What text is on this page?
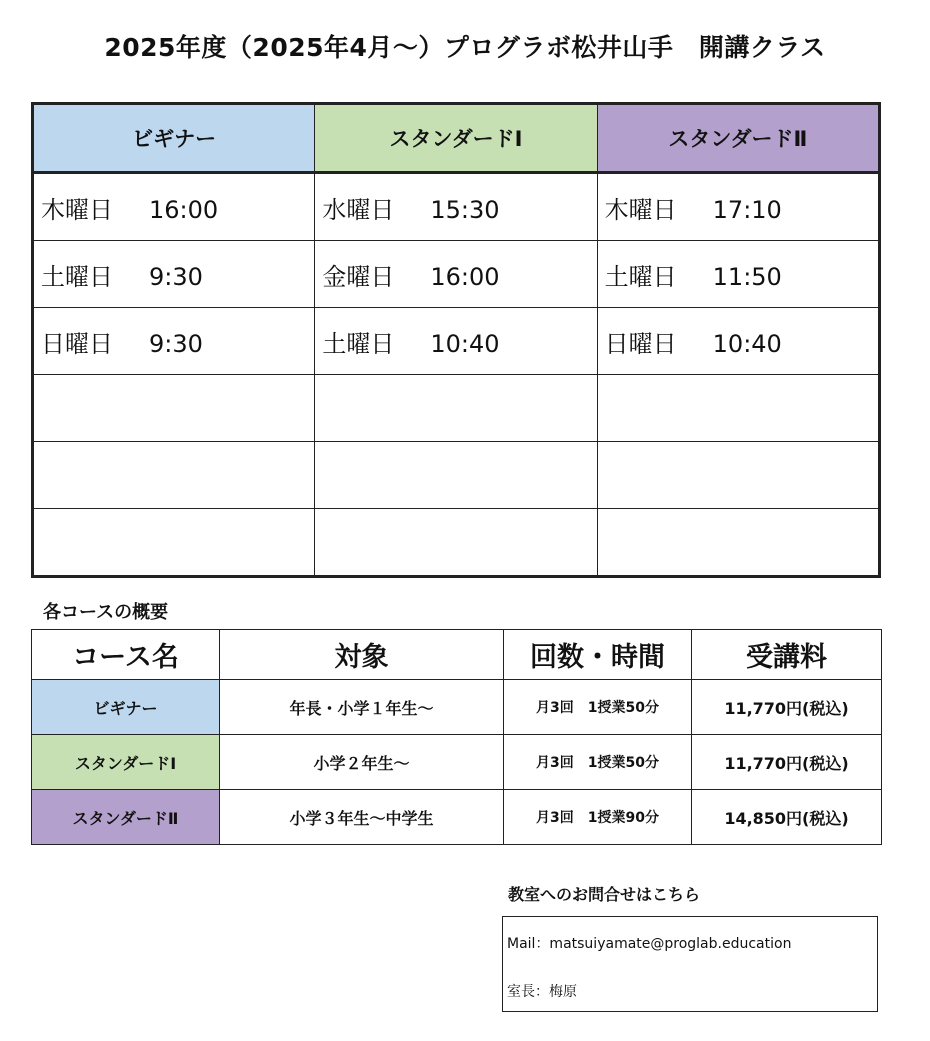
2025年度（2025年4月～）プログラボ松井山手　開講クラス
ビギナー	スタンダードⅠ	スタンダードⅡ
木曜日 16:00	水曜日 15:30	木曜日 17:10
土曜日 9:30	金曜日 16:00	土曜日 11:50
日曜日 9:30	土曜日 10:40	日曜日 10:40

各コースの概要
コース名	対象	回数・時間	受講料
ビギナー	年長・小学１年生～	月3回　1授業50分	11,770円(税込)
スタンダードⅠ	小学２年生～	月3回　1授業50分	11,770円(税込)
スタンダードⅡ	小学３年生～中学生	月3回　1授業90分	14,850円(税込)
教室へのお問合せはこちら
Mail：matsuiyamate@proglab.education
室長：梅原
